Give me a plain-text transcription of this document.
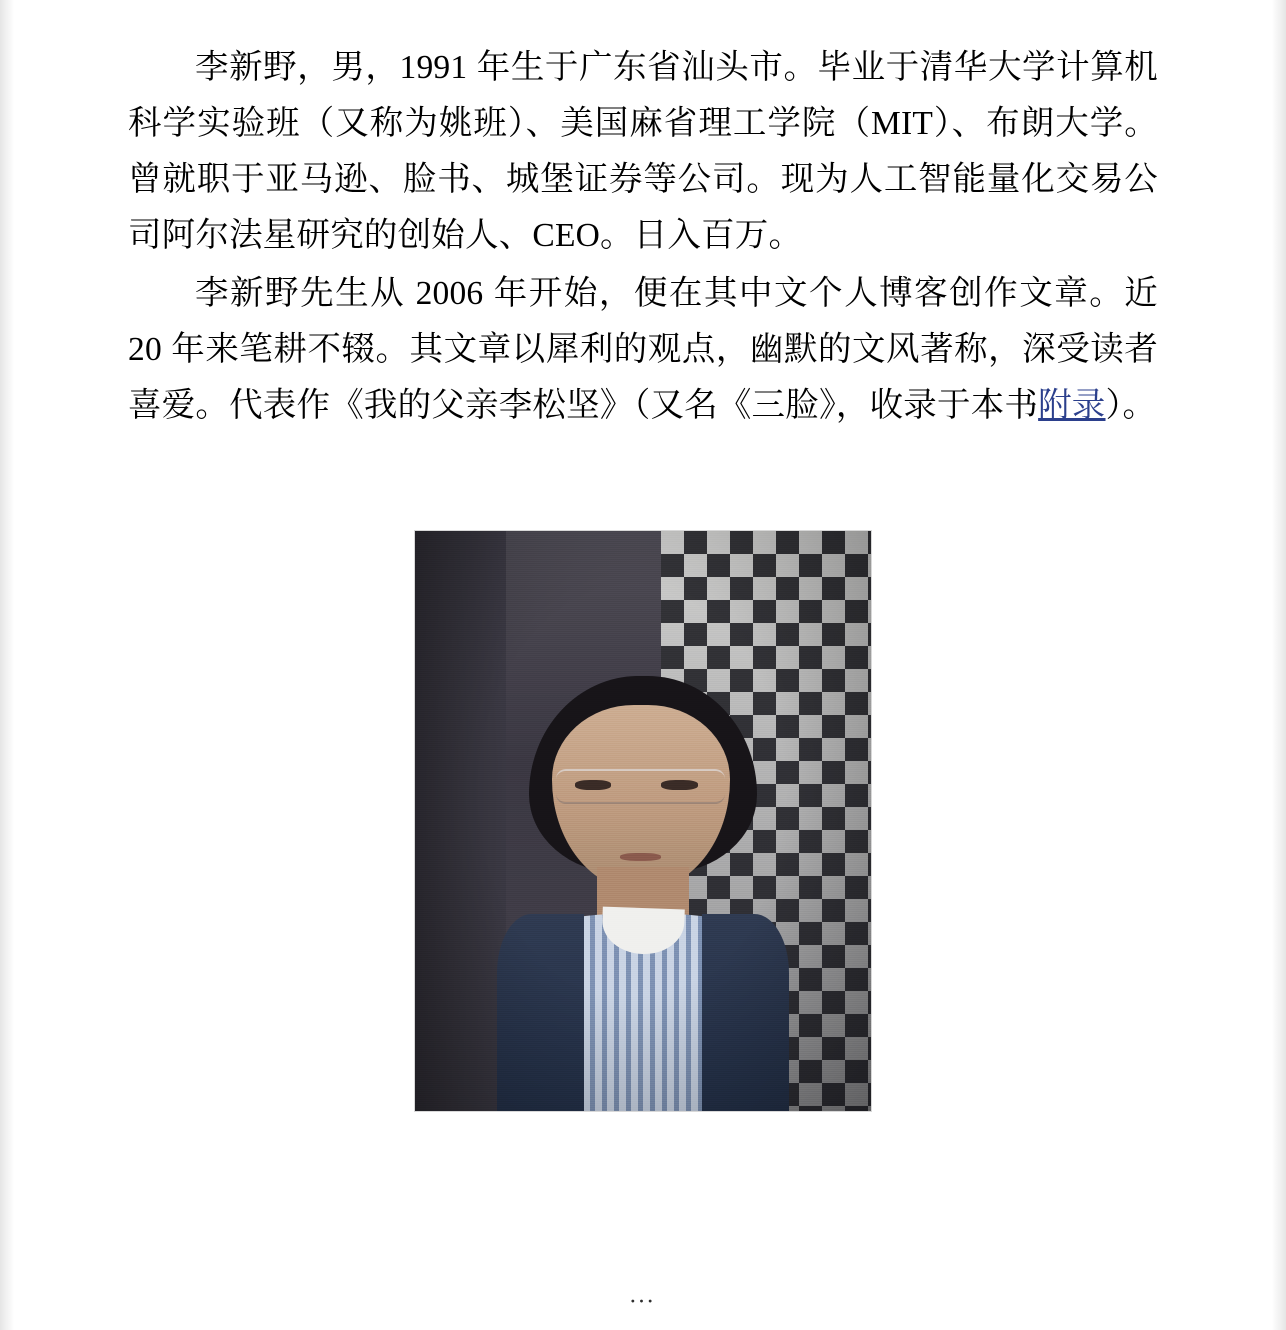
李新野，男，1991 年生于广东省汕头市。毕业于清华大学计算机科学实验班（又称为姚班）、美国麻省理工学院（MIT）、布朗大学。曾就职于亚马逊、脸书、城堡证券等公司。现为人工智能量化交易公司阿尔法星研究的创始人、CEO。日入百万。

李新野先生从 2006 年开始，便在其中文个人博客创作文章。近 20 年来笔耕不辍。其文章以犀利的观点，幽默的文风著称，深受读者喜爱。代表作《我的父亲李松坚》（又名《三脸》，收录于本书附录）。

⋯
